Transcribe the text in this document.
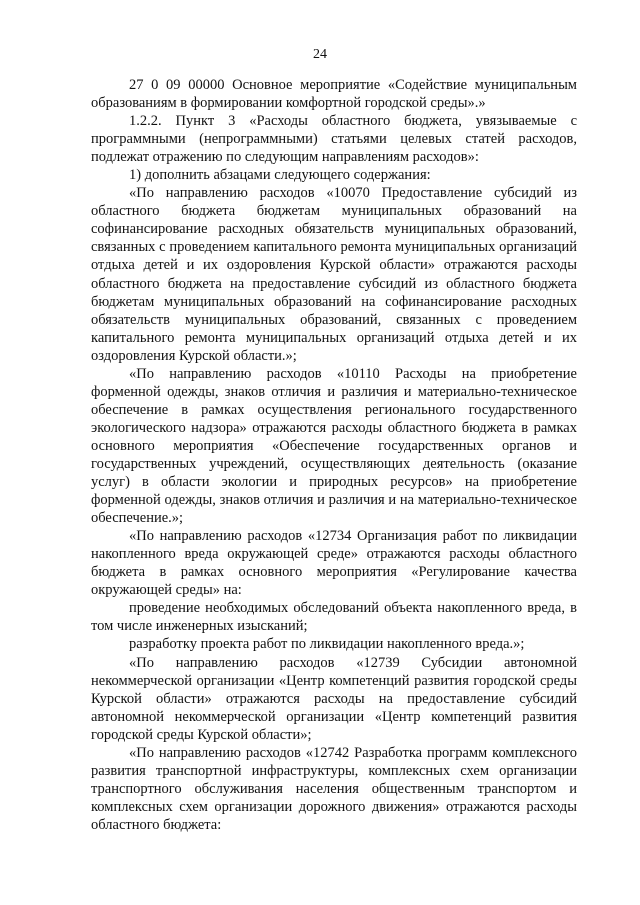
24

27 0 09 00000 Основное мероприятие «Содействие муниципальным образованиям в формировании комфортной городской среды».»

1.2.2. Пункт 3 «Расходы областного бюджета, увязываемые с программными (непрограммными) статьями целевых статей расходов, подлежат отражению по следующим направлениям расходов»:

1) дополнить абзацами следующего содержания:

«По направлению расходов «10070 Предоставление субсидий из областного бюджета бюджетам муниципальных образований на софинансирование расходных обязательств муниципальных образований, связанных с проведением капитального ремонта муниципальных организаций отдыха детей и их оздоровления Курской области» отражаются расходы областного бюджета на предоставление субсидий из областного бюджета бюджетам муниципальных образований на софинансирование расходных обязательств муниципальных образований, связанных с проведением капитального ремонта муниципальных организаций отдыха детей и их оздоровления Курской области.»;

«По направлению расходов «10110 Расходы на приобретение форменной одежды, знаков отличия и различия и материально-техническое обеспечение в рамках осуществления регионального государственного экологического надзора» отражаются расходы областного бюджета в рамках основного мероприятия «Обеспечение государственных органов и государственных учреждений, осуществляющих деятельность (оказание услуг) в области экологии и природных ресурсов» на приобретение форменной одежды, знаков отличия и различия и на материально-техническое обеспечение.»;

«По направлению расходов «12734 Организация работ по ликвидации накопленного вреда окружающей среде» отражаются расходы областного бюджета в рамках основного мероприятия «Регулирование качества окружающей среды» на:

проведение необходимых обследований объекта накопленного вреда, в том числе инженерных изысканий;

разработку проекта работ по ликвидации накопленного вреда.»;

«По направлению расходов «12739 Субсидии автономной некоммерческой организации «Центр компетенций развития городской среды Курской области» отражаются расходы на предоставление субсидий автономной некоммерческой организации «Центр компетенций развития городской среды Курской области»;

«По направлению расходов «12742 Разработка программ комплексного развития транспортной инфраструктуры, комплексных схем организации транспортного обслуживания населения общественным транспортом и комплексных схем организации дорожного движения» отражаются расходы областного бюджета:
